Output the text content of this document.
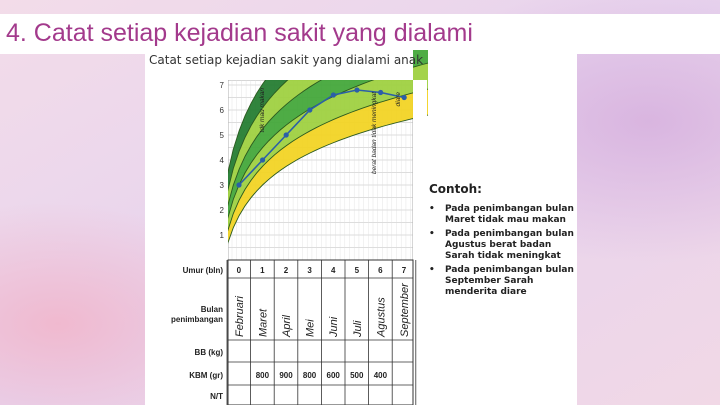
4. Catat setiap kejadian sakit yang dialami
1
2
3
4
5
6
7
tdk mau makan	berat badan tidak meningkat	diare
Umur (bln)
Bulan
penimbangan
BB (kg)
KBM (gr)
N/T
0
Februari
1
Maret
800
2
April
900
3
Mei
800
4
Juni
600
5
Juli
500
6
Agustus
400
7
September
Catat setiap kejadian sakit yang dialami anak
Contoh:
• Pada penimbangan bulan Maret tidak mau makan
• Pada penimbangan bulan Agustus berat badan Sarah tidak meningkat
• Pada penimbangan bulan September Sarah menderita diare
